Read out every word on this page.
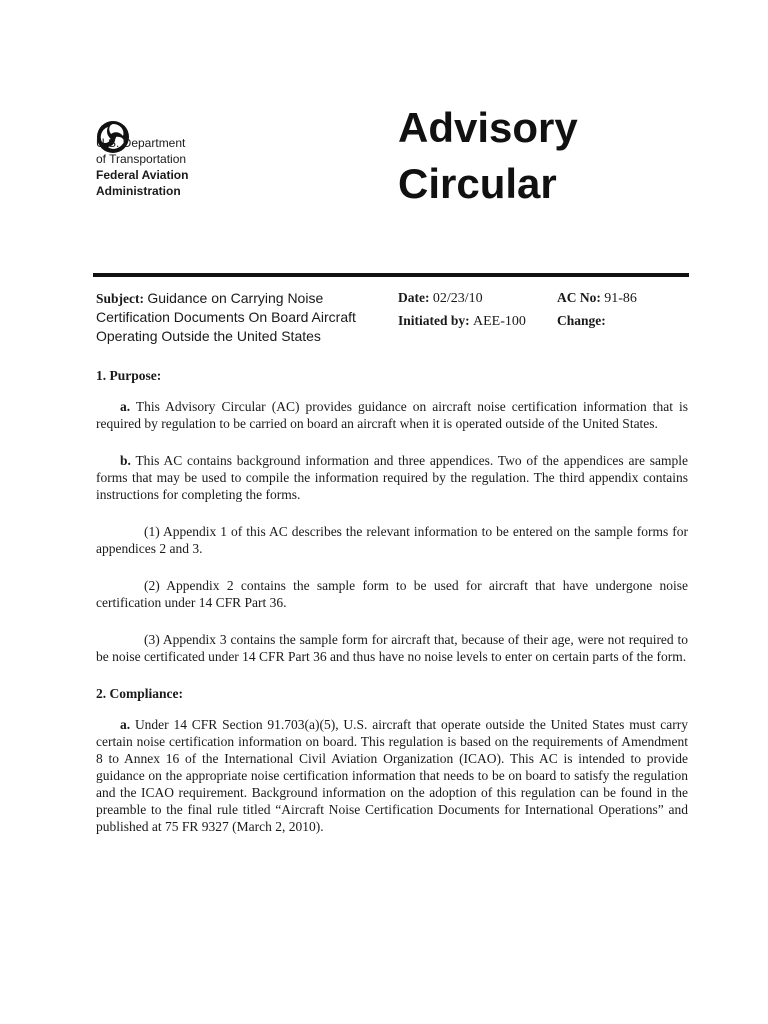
U.S. Department
of Transportation
Federal Aviation
Administration
Advisory
Circular
Subject: Guidance on Carrying Noise Certification Documents On Board Aircraft Operating Outside the United States
Date: 02/23/10
Initiated by: AEE-100
AC No: 91-86
Change:
1. Purpose:
a. This Advisory Circular (AC) provides guidance on aircraft noise certification information that is required by regulation to be carried on board an aircraft when it is operated outside of the United States.
b. This AC contains background information and three appendices. Two of the appendices are sample forms that may be used to compile the information required by the regulation. The third appendix contains instructions for completing the forms.
(1) Appendix 1 of this AC describes the relevant information to be entered on the sample forms for appendices 2 and 3.
(2) Appendix 2 contains the sample form to be used for aircraft that have undergone noise certification under 14 CFR Part 36.
(3) Appendix 3 contains the sample form for aircraft that, because of their age, were not required to be noise certificated under 14 CFR Part 36 and thus have no noise levels to enter on certain parts of the form.
2. Compliance:
a. Under 14 CFR Section 91.703(a)(5), U.S. aircraft that operate outside the United States must carry certain noise certification information on board. This regulation is based on the requirements of Amendment 8 to Annex 16 of the International Civil Aviation Organization (ICAO). This AC is intended to provide guidance on the appropriate noise certification information that needs to be on board to satisfy the regulation and the ICAO requirement. Background information on the adoption of this regulation can be found in the preamble to the final rule titled “Aircraft Noise Certification Documents for International Operations” and published at 75 FR 9327 (March 2, 2010).
